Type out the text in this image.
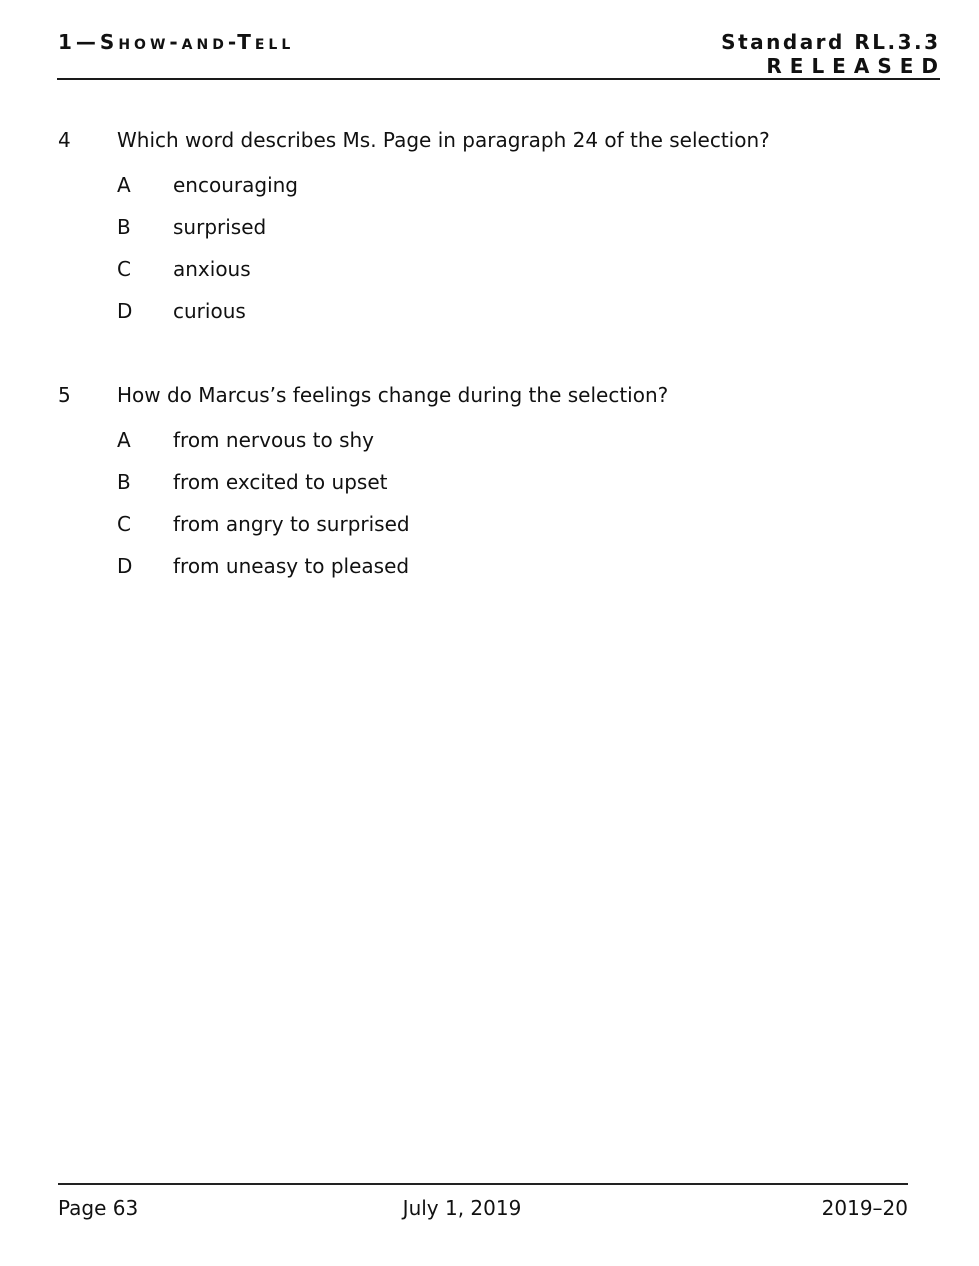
1—Show-and-Tell	Standard RL.3.3
RELEASED
4	Which word describes Ms. Page in paragraph 24 of the selection?
A	encouraging
B	surprised
C	anxious
D	curious
5	How do Marcus’s feelings change during the selection?
A	from nervous to shy
B	from excited to upset
C	from angry to surprised
D	from uneasy to pleased
Page 63	July 1, 2019	2019–20
